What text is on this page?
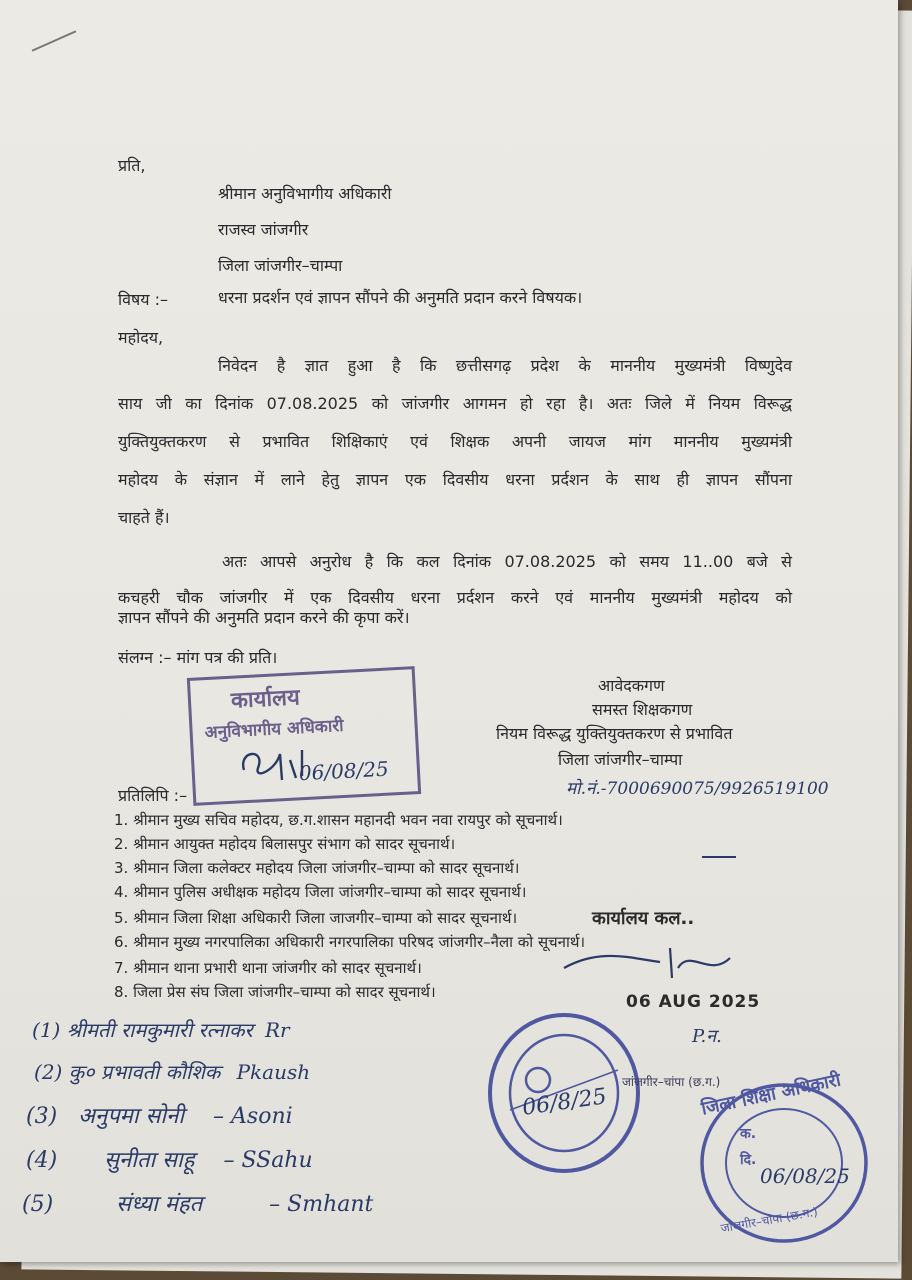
प्रति,
श्रीमान अनुविभागीय अधिकारी
राजस्व जांजगीर
जिला जांजगीर–चाम्पा
विषय :–	धरना प्रदर्शन एवं ज्ञापन सौंपने की अनुमति प्रदान करने विषयक।
महोदय,
निवेदन है ज्ञात हुआ है कि छत्तीसगढ़ प्रदेश के माननीय मुख्यमंत्री विष्णुदेव
साय जी का दिनांक 07.08.2025 को जांजगीर आगमन हो रहा है। अतः जिले में नियम विरूद्ध
युक्तियुक्तकरण से प्रभावित शिक्षिकाएं एवं शिक्षक अपनी जायज मांग माननीय मुख्यमंत्री
महोदय के संज्ञान में लाने हेतु ज्ञापन एक दिवसीय धरना प्रर्दशन के साथ ही ज्ञापन सौंपना
चाहते हैं।
अतः आपसे अनुरोध है कि कल दिनांक 07.08.2025 को समय 11..00 बजे से
कचहरी चौक जांजगीर में एक दिवसीय धरना प्रर्दशन करने एवं माननीय मुख्यमंत्री महोदय को
ज्ञापन सौंपने की अनुमति प्रदान करने की कृपा करें।
संलग्न :– मांग पत्र की प्रति।
आवेदकगण
समस्त शिक्षकगण
नियम विरूद्ध युक्तियुक्तकरण से प्रभावित
जिला जांजगीर–चाम्पा
मो.नं.-7000690075/9926519100
कार्यालय
अनुविभागीय अधिकारी
06/08/25
प्रतिलिपि :–
1. श्रीमान मुख्य सचिव महोदय, छ.ग.शासन महानदी भवन नवा रायपुर को सूचनार्थ।
2. श्रीमान आयुक्त महोदय बिलासपुर संभाग को सादर सूचनार्थ।
3. श्रीमान जिला कलेक्टर महोदय जिला जांजगीर–चाम्पा को सादर सूचनार्थ।
4. श्रीमान पुलिस अधीक्षक महोदय जिला जांजगीर–चाम्पा को सादर सूचनार्थ।
5. श्रीमान जिला शिक्षा अधिकारी जिला जाजगीर–चाम्पा को सादर सूचनार्थ।
6. श्रीमान मुख्य नगरपालिका अधिकारी नगरपालिका परिषद जांजगीर–नैला को सूचनार्थ।
7. श्रीमान थाना प्रभारी थाना जांजगीर को सादर सूचनार्थ।
8. जिला प्रेस संघ जिला जांजगीर–चाम्पा को सादर सूचनार्थ।
कार्यालय कल..
06 AUG 2025
P.न.
06/8/25
जांजगीर–चांपा (छ.ग.)
जिला शिक्षा अधिकारी
क.
दि.
06/08/25
जांजगीर–चांपा (छ.ग.)
(1) श्रीमती रामकुमारी रत्नाकर Rr
(2) कु० प्रभावती कौशिक Pkaush
(3) अनुपमा सोनी – Asoni
(4) सुनीता साहू – SSahu
(5)	संध्या मंहत	– Smhant
